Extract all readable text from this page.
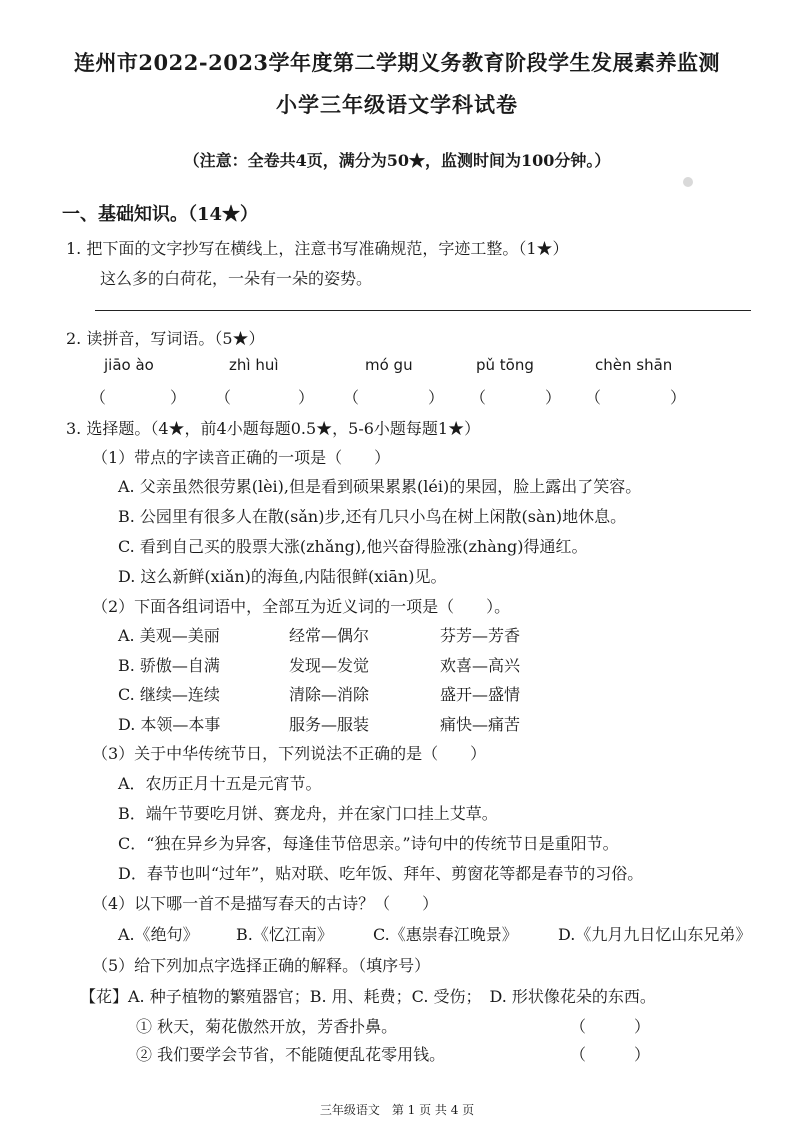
连州市2022-2023学年度第二学期义务教育阶段学生发展素养监测
小学三年级语文学科试卷
（注意：全卷共4页，满分为50★，监测时间为100分钟。）
一、基础知识。（14★）
1. 把下面的文字抄写在横线上，注意书写准确规范，字迹工整。（1★）
这么多的白荷花，一朵有一朵的姿势。
2. 读拼音，写词语。（5★）
jiāo ào	zhì huì	mó gu	pǔ tōng	chèn shān
（	） （	） （	） （	） （	）
3. 选择题。（4★，前4小题每题0.5★，5-6小题每题1★）
（1）带点的字读音正确的一项是（　　）
A. 父亲虽然很劳累(lèi),但是看到硕果累累(léi)的果园，脸上露出了笑容。
B. 公园里有很多人在散(sǎn)步,还有几只小鸟在树上闲散(sàn)地休息。
C. 看到自己买的股票大涨(zhǎng),他兴奋得脸涨(zhàng)得通红。
D. 这么新鲜(xiǎn)的海鱼,内陆很鲜(xiān)见。
（2）下面各组词语中，全部互为近义词的一项是（　　）。
A. 美观—美丽	经常—偶尔	芬芳—芳香
B. 骄傲—自满	发现—发觉	欢喜—高兴
C. 继续—连续	清除—消除	盛开—盛情
D. 本领—本事	服务—服装	痛快—痛苦
（3）关于中华传统节日，下列说法不正确的是（　　）
A．农历正月十五是元宵节。
B．端午节要吃月饼、赛龙舟，并在家门口挂上艾草。
C．“独在异乡为异客，每逢佳节倍思亲。”诗句中的传统节日是重阳节。
D．春节也叫“过年”，贴对联、吃年饭、拜年、剪窗花等都是春节的习俗。
（4）以下哪一首不是描写春天的古诗？（　　）
A.《绝句》 B.《忆江南》	C.《惠崇春江晚景》	D.《九月九日忆山东兄弟》
（5）给下列加点字选择正确的解释。（填序号）
【花】A. 种子植物的繁殖器官；B. 用、耗费；C. 受伤；　D. 形状像花朵的东西。
① 秋天，菊花傲然开放，芳香扑鼻。	（　　　）
② 我们要学会节省，不能随便乱花零用钱。	（　　　）
三年级语文　第 1 页 共 4 页
